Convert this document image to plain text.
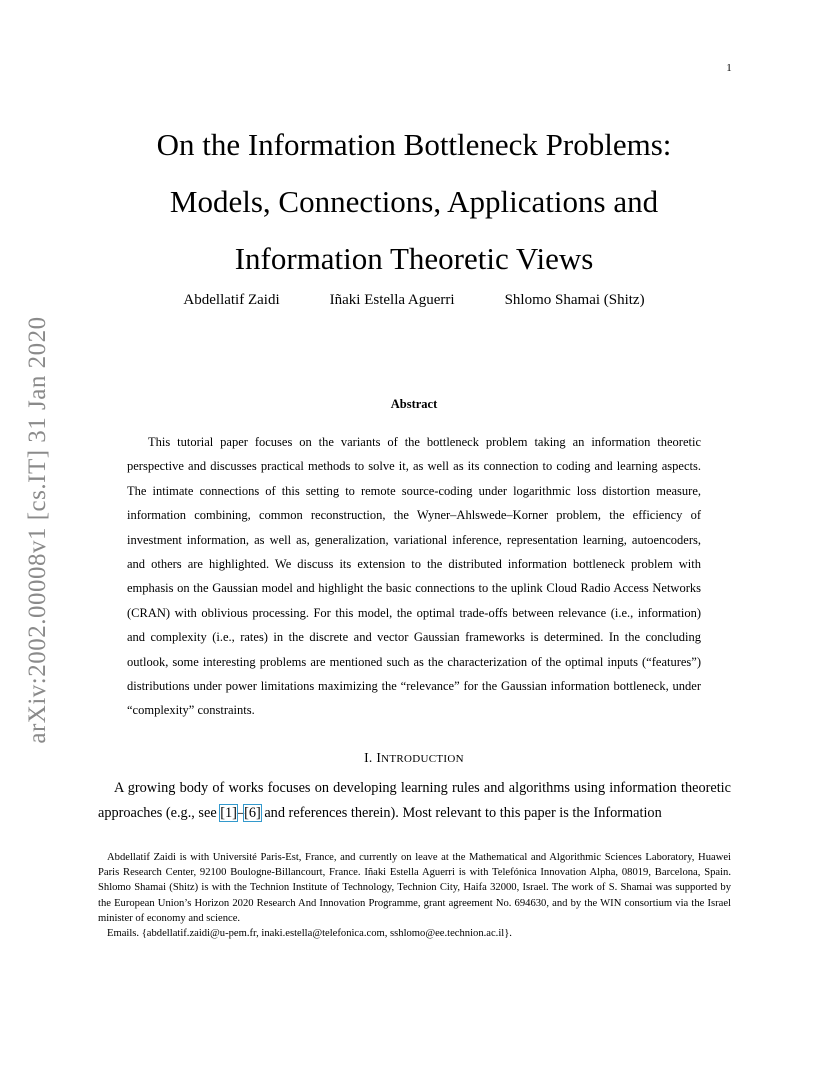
1
arXiv:2002.00008v1 [cs.IT] 31 Jan 2020
On the Information Bottleneck Problems:
Models, Connections, Applications and
Information Theoretic Views
Abdellatif Zaidi	Iñaki Estella Aguerri	Shlomo Shamai (Shitz)
Abstract

This tutorial paper focuses on the variants of the bottleneck problem taking an information theoretic perspective and discusses practical methods to solve it, as well as its connection to coding and learning aspects. The intimate connections of this setting to remote source-coding under logarithmic loss distortion measure, information combining, common reconstruction, the Wyner–Ahlswede–Korner problem, the efficiency of investment information, as well as, generalization, variational inference, representation learning, autoencoders, and others are highlighted. We discuss its extension to the distributed information bottleneck problem with emphasis on the Gaussian model and highlight the basic connections to the uplink Cloud Radio Access Networks (CRAN) with oblivious processing. For this model, the optimal trade-offs between relevance (i.e., information) and complexity (i.e., rates) in the discrete and vector Gaussian frameworks is determined. In the concluding outlook, some interesting problems are mentioned such as the characterization of the optimal inputs (“features”) distributions under power limitations maximizing the “relevance” for the Gaussian information bottleneck, under “complexity” constraints.

I. INTRODUCTION

A growing body of works focuses on developing learning rules and algorithms using information theoretic approaches (e.g., see [1]–[6] and references therein). Most relevant to this paper is the Information

Abdellatif Zaidi is with Université Paris-Est, France, and currently on leave at the Mathematical and Algorithmic Sciences Laboratory, Huawei Paris Research Center, 92100 Boulogne-Billancourt, France. Iñaki Estella Aguerri is with Telefónica Innovation Alpha, 08019, Barcelona, Spain. Shlomo Shamai (Shitz) is with the Technion Institute of Technology, Technion City, Haifa 32000, Israel. The work of S. Shamai was supported by the European Union’s Horizon 2020 Research And Innovation Programme, grant agreement No. 694630, and by the WIN consortium via the Israel minister of economy and science.

Emails. {abdellatif.zaidi@u-pem.fr, inaki.estella@telefonica.com, sshlomo@ee.technion.ac.il}.
